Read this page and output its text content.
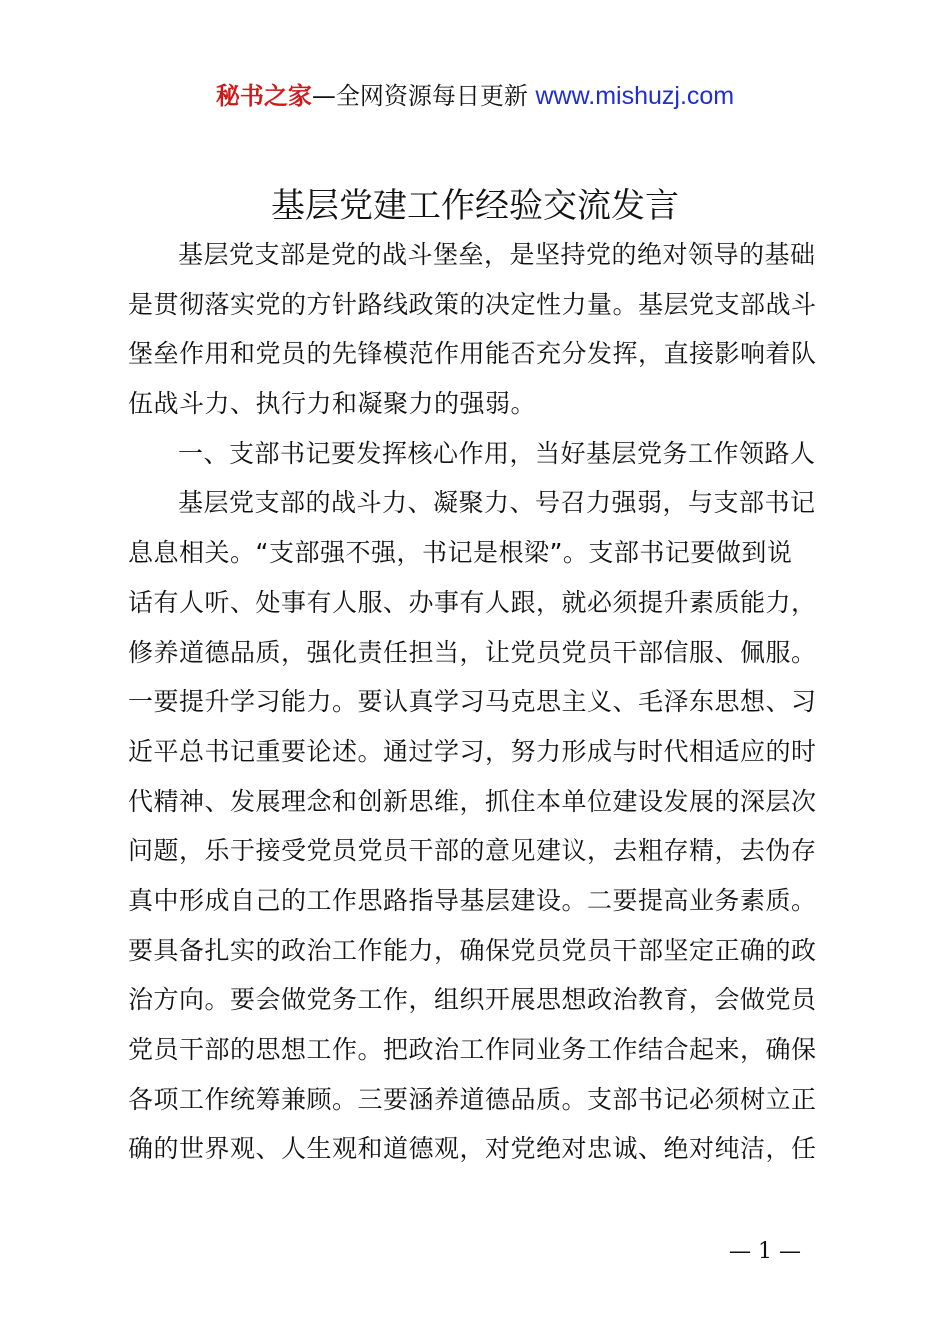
秘书之家—全网资源每日更新 www.mishuzj.com
基层党建工作经验交流发言
基层党支部是党的战斗堡垒，是坚持党的绝对领导的基础
是贯彻落实党的方针路线政策的决定性力量。基层党支部战斗
堡垒作用和党员的先锋模范作用能否充分发挥，直接影响着队
伍战斗力、执行力和凝聚力的强弱。
一、支部书记要发挥核心作用，当好基层党务工作领路人
基层党支部的战斗力、凝聚力、号召力强弱，与支部书记
息息相关。“支部强不强，书记是根梁”。支部书记要做到说
话有人听、处事有人服、办事有人跟，就必须提升素质能力，
修养道德品质，强化责任担当，让党员党员干部信服、佩服。
一要提升学习能力。要认真学习马克思主义、毛泽东思想、习
近平总书记重要论述。通过学习，努力形成与时代相适应的时
代精神、发展理念和创新思维，抓住本单位建设发展的深层次
问题，乐于接受党员党员干部的意见建议，去粗存精，去伪存
真中形成自己的工作思路指导基层建设。二要提高业务素质。
要具备扎实的政治工作能力，确保党员党员干部坚定正确的政
治方向。要会做党务工作，组织开展思想政治教育，会做党员
党员干部的思想工作。把政治工作同业务工作结合起来，确保
各项工作统筹兼顾。三要涵养道德品质。支部书记必须树立正
确的世界观、人生观和道德观，对党绝对忠诚、绝对纯洁，任
— 1 —
